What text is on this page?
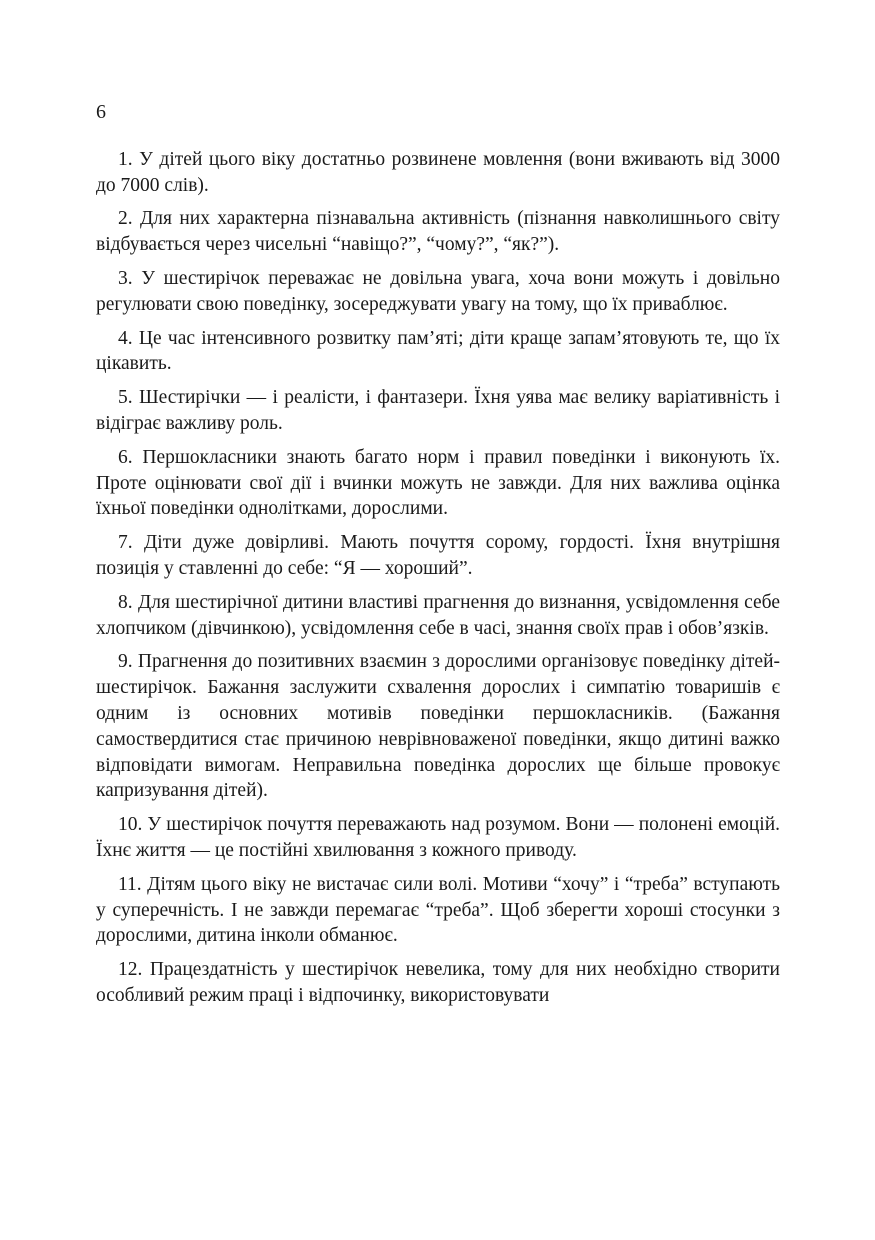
6

1. У дітей цього віку достатньо розвинене мовлення (вони вживають від 3000 до 7000 слів).

2. Для них характерна пізнавальна активність (пізнання навколишнього світу відбувається через чисельні “навіщо?”, “чому?”, “як?”).

3. У шестирічок переважає не довільна увага, хоча вони можуть і довільно регулювати свою поведінку, зосереджувати увагу на тому, що їх приваблює.

4. Це час інтенсивного розвитку пам’яті; діти краще запам’ятовують те, що їх цікавить.

5. Шестирічки — і реалісти, і фантазери. Їхня уява має велику варіативність і відіграє важливу роль.

6. Першокласники знають багато норм і правил поведінки і виконують їх. Проте оцінювати свої дії і вчинки можуть не завжди. Для них важлива оцінка їхньої поведінки однолітками, дорослими.

7. Діти дуже довірливі. Мають почуття сорому, гордості. Їхня внутрішня позиція у ставленні до себе: “Я — хороший”.

8. Для шестирічної дитини властиві прагнення до визнання, усвідомлення себе хлопчиком (дівчинкою), усвідомлення себе в часі, знання своїх прав і обов’язків.

9. Прагнення до позитивних взаємин з дорослими організовує поведінку дітей-шестирічок. Бажання заслужити схвалення дорослих і симпатію товаришів є одним із основних мотивів поведінки першокласників. (Бажання самоствердитися стає причиною неврівноваженої поведінки, якщо дитині важко відповідати вимогам. Неправильна поведінка дорослих ще більше провокує капризування дітей).

10. У шестирічок почуття переважають над розумом. Вони — полонені емоцій. Їхнє життя — це постійні хвилювання з кожного приводу.

11. Дітям цього віку не вистачає сили волі. Мотиви “хочу” і “треба” вступають у суперечність. І не завжди перемагає “треба”. Щоб зберегти хороші стосунки з дорослими, дитина інколи обманює.

12. Працездатність у шестирічок невелика, тому для них необхідно створити особливий режим праці і відпочинку, використовувати
